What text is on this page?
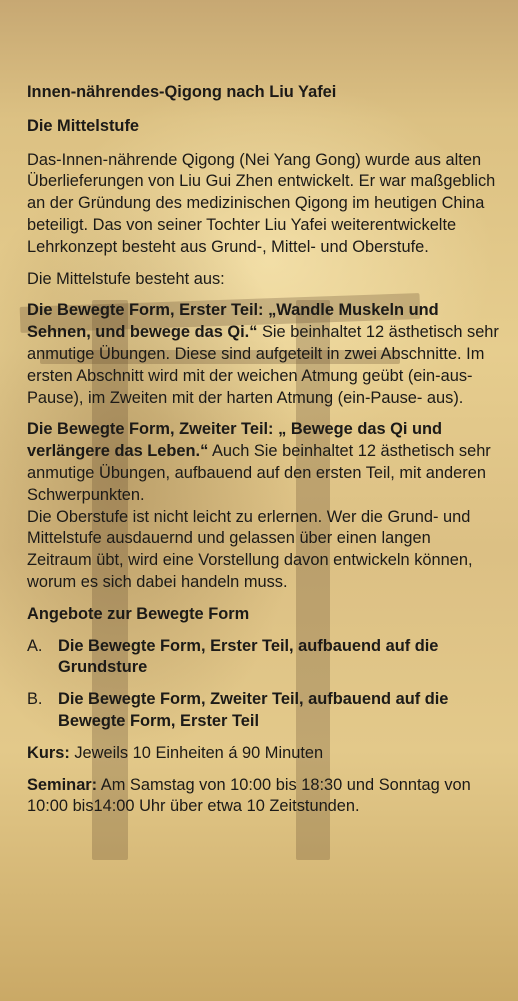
Innen-nährendes-Qigong nach Liu Yafei

Die Mittelstufe

Das-Innen-nährende Qigong (Nei Yang Gong) wurde aus alten Überlieferungen von Liu Gui Zhen entwickelt. Er war maßgeblich an der Gründung des medizinischen Qigong im heutigen China beteiligt. Das von seiner Tochter Liu Yafei weiterentwickelte Lehrkonzept besteht aus Grund-, Mittel- und Oberstufe.

Die Mittelstufe besteht aus:

Die Bewegte Form, Erster Teil: „Wandle Muskeln und Sehnen, und bewege das Qi.“ Sie beinhaltet 12 ästhetisch sehr anmutige Übungen. Diese sind aufgeteilt in zwei Abschnitte. Im ersten Abschnitt wird mit der weichen Atmung geübt (ein-aus-Pause), im Zweiten mit der harten Atmung (ein-Pause- aus).

Die Bewegte Form, Zweiter Teil: „ Bewege das Qi und verlängere das Leben.“ Auch Sie beinhaltet 12 ästhetisch sehr anmutige Übungen, aufbauend auf den ersten Teil, mit anderen Schwerpunkten.
Die Oberstufe ist nicht leicht zu erlernen. Wer die Grund- und Mittelstufe ausdauernd und gelassen über einen langen Zeitraum übt, wird eine Vorstellung davon entwickeln können, worum es sich dabei handeln muss.

Angebote zur Bewegte Form

A. Die Bewegte Form, Erster Teil, aufbauend auf die Grundsture
B. Die Bewegte Form, Zweiter Teil, aufbauend auf die Bewegte Form, Erster Teil

Kurs: Jeweils 10 Einheiten á 90 Minuten

Seminar: Am Samstag von 10:00 bis 18:30 und Sonntag von 10:00 bis14:00 Uhr über etwa 10 Zeitstunden.
